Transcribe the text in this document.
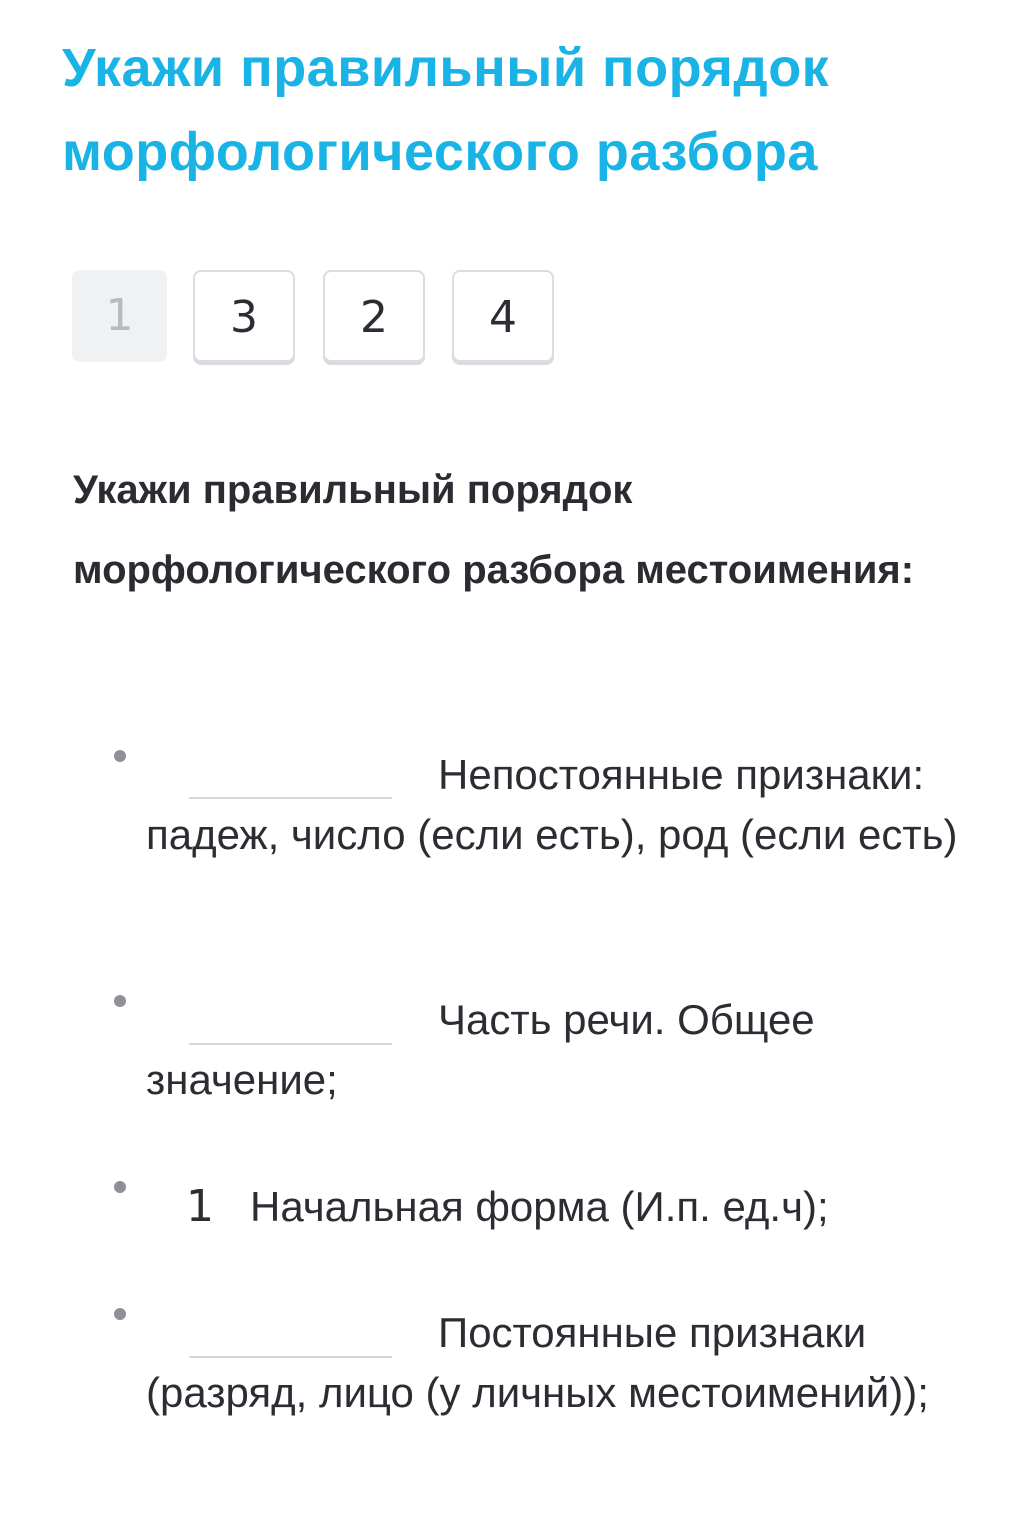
Укажи правильный порядок морфологического разбора
1	3	2	4

Укажи правильный порядок морфологического разбора местоимения:

Непостоянные признаки: падеж, число (если есть), род (если есть)

Часть речи. Общее значение;

1 Начальная форма (И.п. ед.ч);

Постоянные признаки (разряд, лицо (у личных местоимений));
